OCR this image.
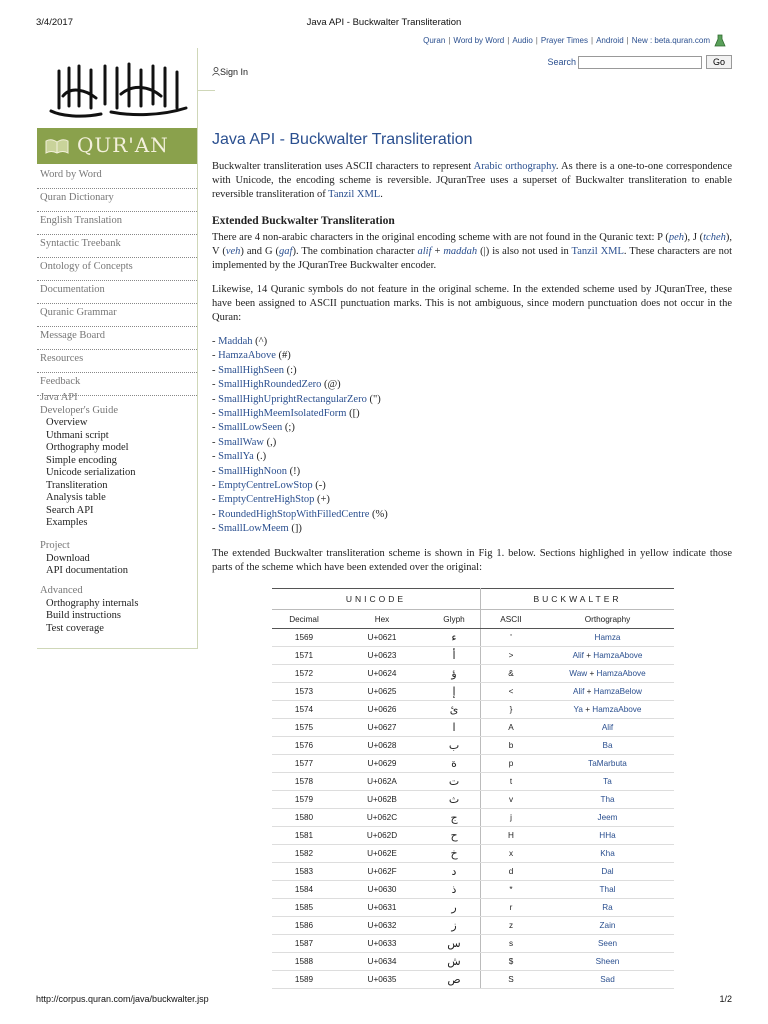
3/4/2017	Java API - Buckwalter Transliteration
http://corpus.quran.com/java/buckwalter.jsp	1/2
Quran | Word by Word | Audio | Prayer Times | Android | New : beta.quran.com
Search	Go
QUR'AN
Word by Word
Quran Dictionary
English Translation
Syntactic Treebank
Ontology of Concepts
Documentation
Quranic Grammar
Message Board
Resources
Feedback
Java API
Developer's Guide
Overview
Uthmani script
Orthography model
Simple encoding
Unicode serialization
Transliteration
Analysis table
Search API
Examples
Project
Download
API documentation
Advanced
Orthography internals
Build instructions
Test coverage
Sign In
Java API - Buckwalter Transliteration

Buckwalter transliteration uses ASCII characters to represent Arabic orthography. As there is a one-to-one correspondence with Unicode, the encoding scheme is reversible. JQuranTree uses a superset of Buckwalter transliteration to enable reversible transliteration of Tanzil XML.

Extended Buckwalter Transliteration

There are 4 non-arabic characters in the original encoding scheme with are not found in the Quranic text: P (peh), J (tcheh), V (veh) and G (gaf). The combination character alif + maddah (|) is also not used in Tanzil XML. These characters are not implemented by the JQuranTree Buckwalter encoder.

Likewise, 14 Quranic symbols do not feature in the original scheme. In the extended scheme used by JQuranTree, these have been assigned to ASCII punctuation marks. This is not ambiguous, since modern punctuation does not occur in the Quran:

- Maddah (^)
- HamzaAbove (#)
- SmallHighSeen (:)
- SmallHighRoundedZero (@)
- SmallHighUprightRectangularZero (")
- SmallHighMeemIsolatedForm ([)
- SmallLowSeen (;)
- SmallWaw (,)
- SmallYa (.)
- SmallHighNoon (!)
- EmptyCentreLowStop (-)
- EmptyCentreHighStop (+)
- RoundedHighStopWithFilledCentre (%)
- SmallLowMeem (])

The extended Buckwalter transliteration scheme is shown in Fig 1. below. Sections highlighed in yellow indicate those parts of the scheme which have been extended over the original:

UNICODE			BUCKWALTER	
Decimal	Hex	Glyph	ASCII	Orthography
1569	U+0621	ء	'	Hamza
1571	U+0623	أ	>	Alif + HamzaAbove
1572	U+0624	ؤ	&	Waw + HamzaAbove
1573	U+0625	إ	<	Alif + HamzaBelow
1574	U+0626	ئ	}	Ya + HamzaAbove
1575	U+0627	ا	A	Alif
1576	U+0628	ب	b	Ba
1577	U+0629	ة	p	TaMarbuta
1578	U+062A	ت	t	Ta
1579	U+062B	ث	v	Tha
1580	U+062C	ج	j	Jeem
1581	U+062D	ح	H	HHa
1582	U+062E	خ	x	Kha
1583	U+062F	د	d	Dal
1584	U+0630	ذ	*	Thal
1585	U+0631	ر	r	Ra
1586	U+0632	ز	z	Zain
1587	U+0633	س	s	Seen
1588	U+0634	ش	$	Sheen
1589	U+0635	ص	S	Sad
